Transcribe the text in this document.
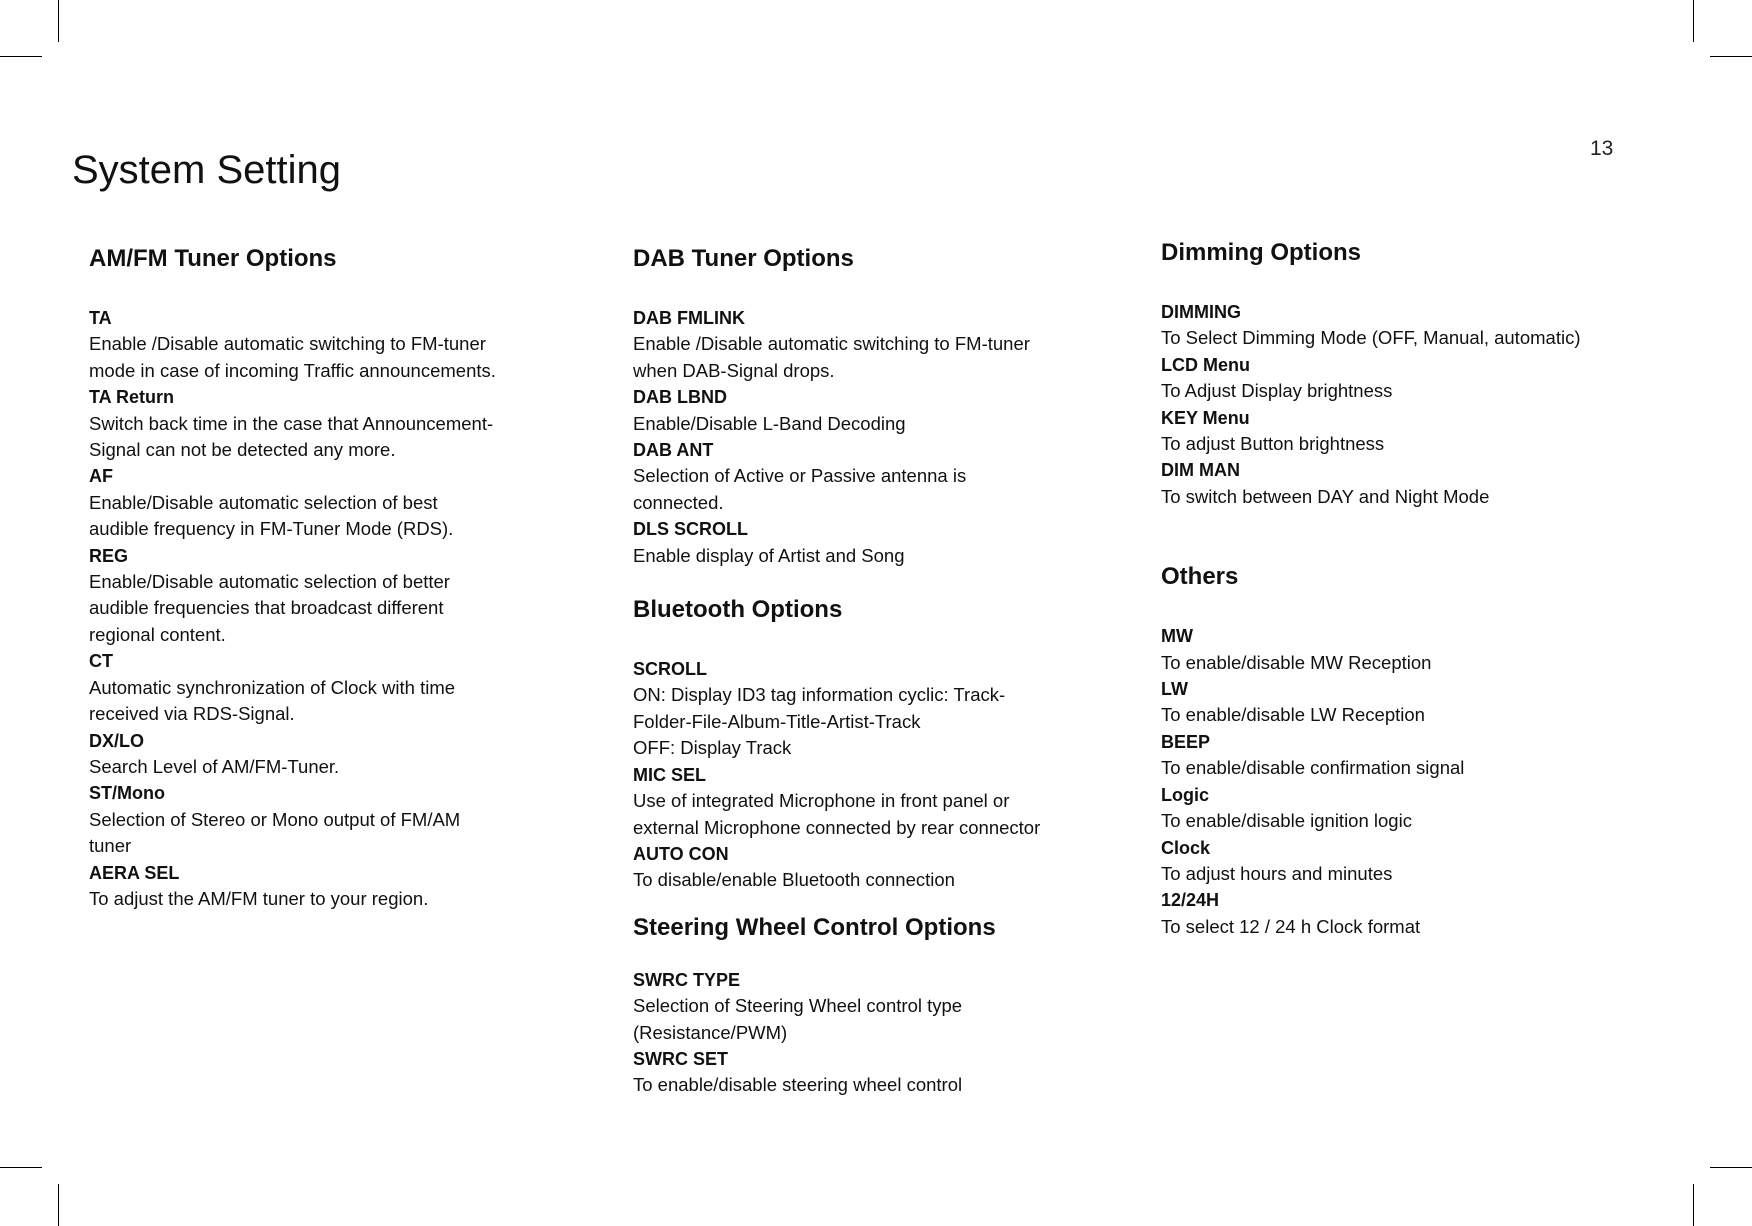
13
System Setting
AM/FM Tuner Options
TA
Enable /Disable automatic switching to FM-tuner
mode in case of incoming Traffic announcements.
TA Return
Switch back time in the case that Announcement-
Signal can not be detected any more.
AF
Enable/Disable automatic selection of best
audible frequency in FM-Tuner Mode (RDS).
REG
Enable/Disable automatic selection of better
audible frequencies that broadcast different
regional content.
CT
Automatic synchronization of Clock with time
received via RDS-Signal.
DX/LO
Search Level of AM/FM-Tuner.
ST/Mono
Selection of Stereo or Mono output of FM/AM
tuner
AERA SEL
To adjust the AM/FM tuner to your region.
DAB Tuner Options
DAB FMLINK
Enable /Disable automatic switching to FM-tuner
when DAB-Signal drops.
DAB LBND
Enable/Disable L-Band Decoding
DAB ANT
Selection of Active or Passive antenna is
connected.
DLS SCROLL
Enable display of Artist and Song
Bluetooth Options
SCROLL
ON: Display ID3 tag information cyclic: Track-
Folder-File-Album-Title-Artist-Track
OFF: Display Track
MIC SEL
Use of integrated Microphone in front panel or
external Microphone connected by rear connector
AUTO CON
To disable/enable Bluetooth connection
Steering Wheel Control Options
SWRC TYPE
Selection of Steering Wheel control type
(Resistance/PWM)
SWRC SET
To enable/disable steering wheel control
Dimming Options
DIMMING
To Select Dimming Mode (OFF, Manual, automatic)
LCD Menu
To Adjust Display brightness
KEY Menu
To adjust Button brightness
DIM MAN
To switch between DAY and Night Mode
Others
MW
To enable/disable MW Reception
LW
To enable/disable LW Reception
BEEP
To enable/disable confirmation signal
Logic
To enable/disable ignition logic
Clock
To adjust hours and minutes
12/24H
To select 12 / 24 h Clock format
